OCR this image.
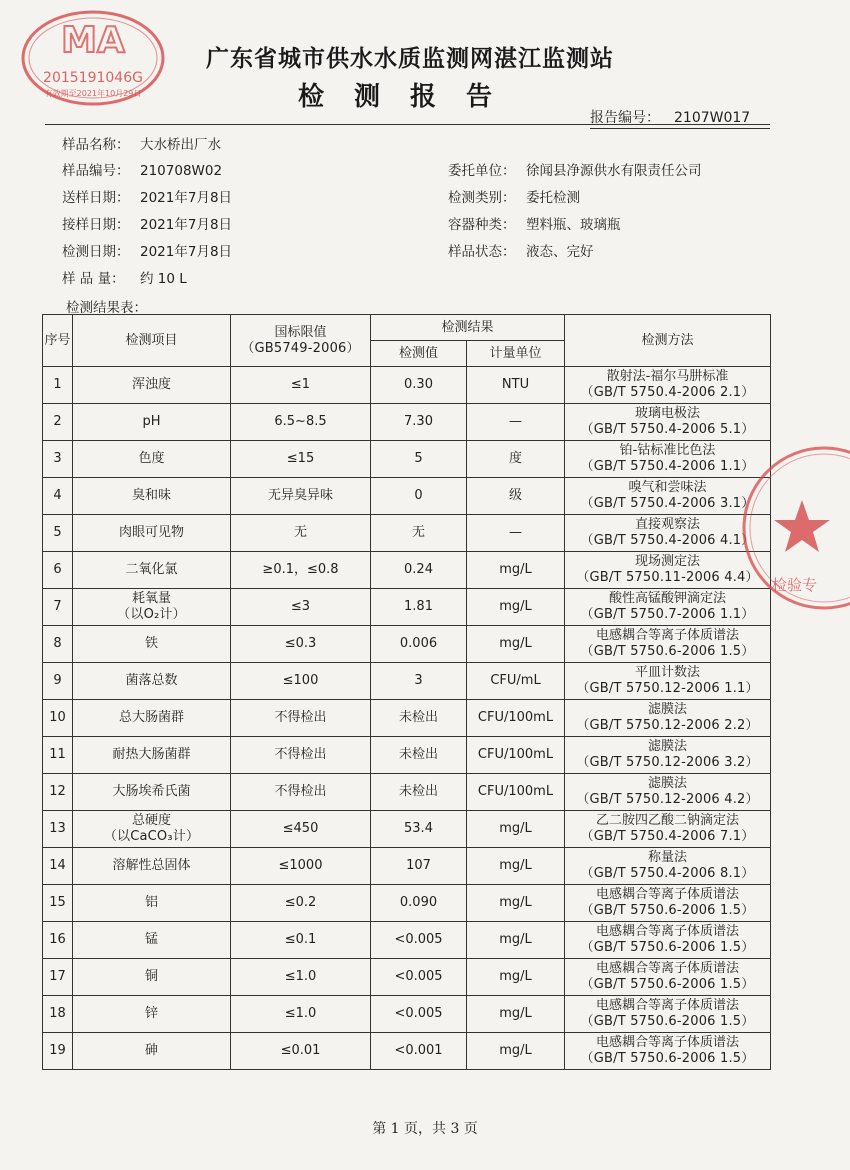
MA
2015191046G
有效期至2021年10月29日
广东省城市供水水质监测网湛江监测站
检测报告
报告编号： 2107W017
样品名称： 大水桥出厂水
样品编号： 210708W02
送样日期： 2021年7月8日
接样日期： 2021年7月8日
检测日期： 2021年7月8日
样 品 量： 约 10 L
委托单位： 徐闻县净源供水有限责任公司
检测类别： 委托检测
容器种类： 塑料瓶、玻璃瓶
样品状态： 液态、完好
检测结果表：
序号	检测项目	国标限值
（GB5749-2006）	检测结果		检测方法
			检测值	计量单位	
1	浑浊度	≤1	0.30	NTU	散射法-福尔马肼标准
（GB/T 5750.4-2006 2.1）

2	pH	6.5~8.5	7.30	—	玻璃电极法
（GB/T 5750.4-2006 5.1）

3	色度	≤15	5	度	铂-钴标准比色法
（GB/T 5750.4-2006 1.1）

4	臭和味	无异臭异味	0	级	嗅气和尝味法
（GB/T 5750.4-2006 3.1）

5	肉眼可见物	无	无	—	直接观察法
（GB/T 5750.4-2006 4.1）

6	二氧化氯	≥0.1，≤0.8	0.24	mg/L	现场测定法
（GB/T 5750.11-2006 4.4）

7	耗氧量
（以O₂计）	≤3	1.81	mg/L	酸性高锰酸钾滴定法
（GB/T 5750.7-2006 1.1）

8	铁	≤0.3	0.006	mg/L	电感耦合等离子体质谱法
（GB/T 5750.6-2006 1.5）

9	菌落总数	≤100	3	CFU/mL	平皿计数法
（GB/T 5750.12-2006 1.1）

10	总大肠菌群	不得检出	未检出	CFU/100mL	滤膜法
（GB/T 5750.12-2006 2.2）

11	耐热大肠菌群	不得检出	未检出	CFU/100mL	滤膜法
（GB/T 5750.12-2006 3.2）

12	大肠埃希氏菌	不得检出	未检出	CFU/100mL	滤膜法
（GB/T 5750.12-2006 4.2）

13	总硬度
（以CaCO₃计）	≤450	53.4	mg/L	乙二胺四乙酸二钠滴定法
（GB/T 5750.4-2006 7.1）

14	溶解性总固体	≤1000	107	mg/L	称量法
（GB/T 5750.4-2006 8.1）

15	铝	≤0.2	0.090	mg/L	电感耦合等离子体质谱法
（GB/T 5750.6-2006 1.5）

16	锰	≤0.1	<0.005	mg/L	电感耦合等离子体质谱法
（GB/T 5750.6-2006 1.5）

17	铜	≤1.0	<0.005	mg/L	电感耦合等离子体质谱法
（GB/T 5750.6-2006 1.5）

18	锌	≤1.0	<0.005	mg/L	电感耦合等离子体质谱法
（GB/T 5750.6-2006 1.5）

19	砷	≤0.01	<0.001	mg/L	电感耦合等离子体质谱法
（GB/T 5750.6-2006 1.5）
检验专
第 1 页，共 3 页
